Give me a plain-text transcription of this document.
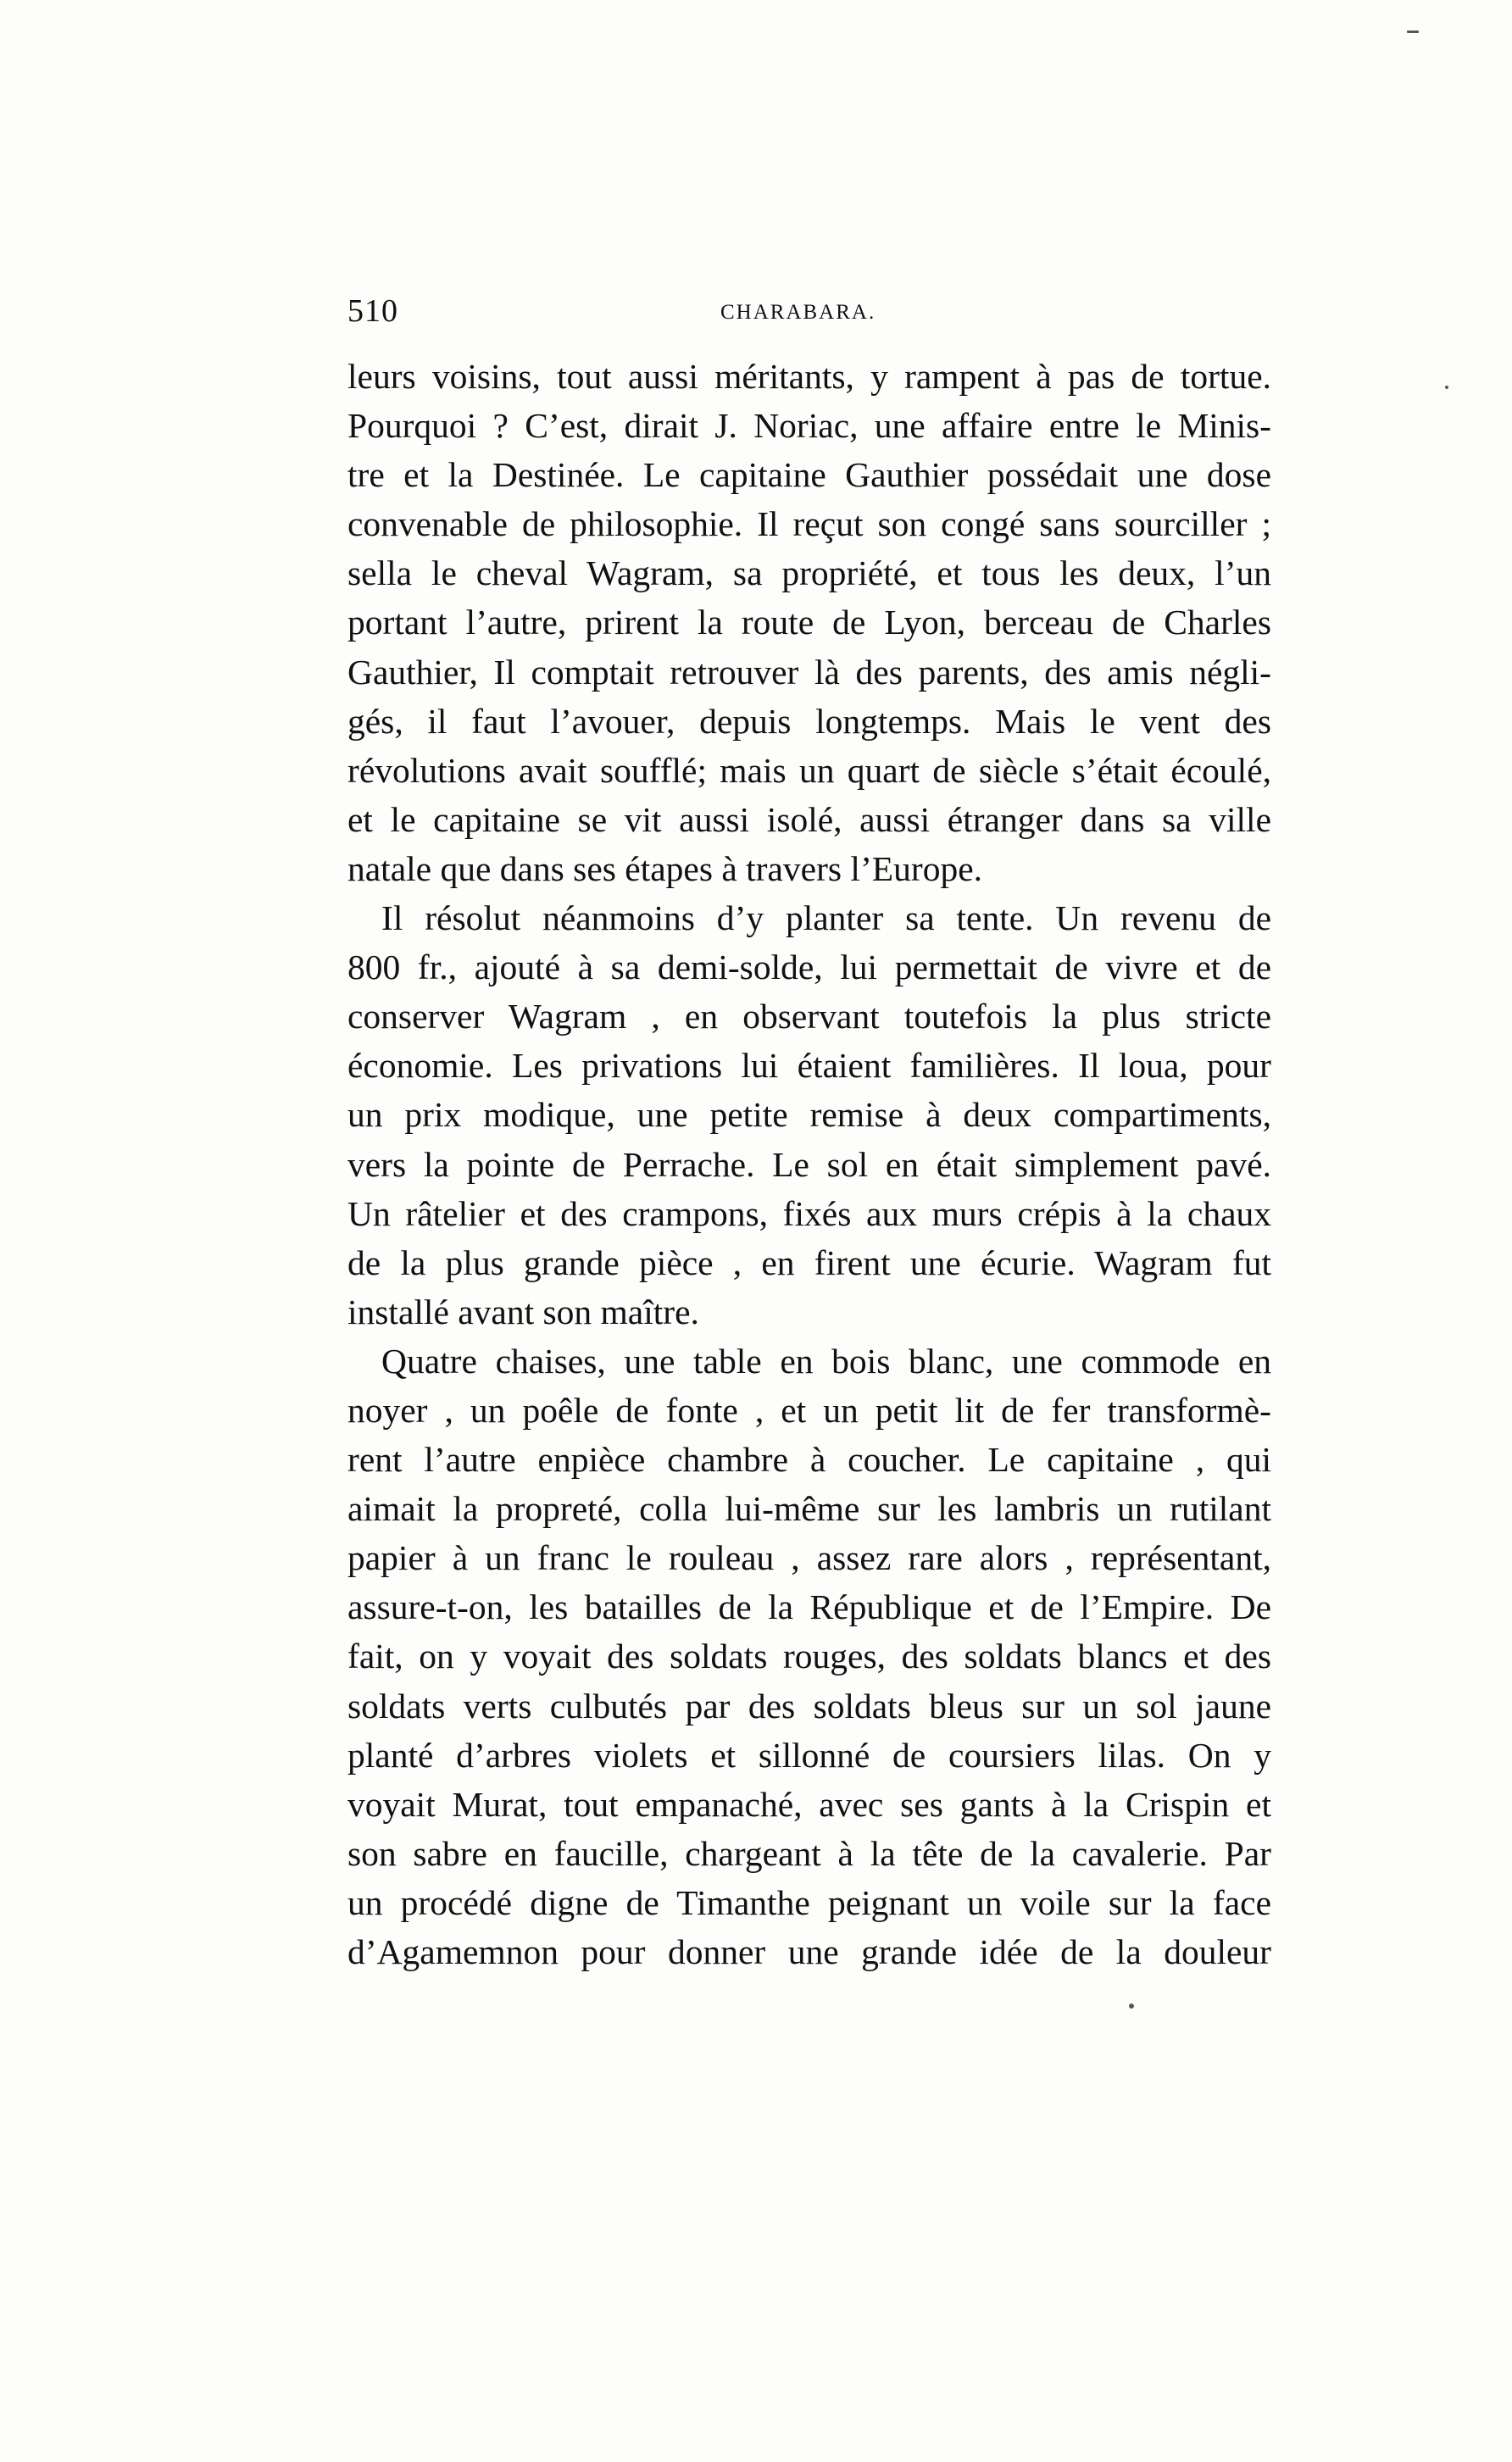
510	CHARABARA.
leurs voisins, tout aussi méritants, y rampent à pas de tortue.
Pourquoi ? C’est, dirait J. Noriac, une affaire entre le Minis-
tre et la Destinée. Le capitaine Gauthier possédait une dose
convenable de philosophie. Il reçut son congé sans sourciller ;
sella le cheval Wagram, sa propriété, et tous les deux, l’un
portant l’autre, prirent la route de Lyon, berceau de Charles
Gauthier, Il comptait retrouver là des parents, des amis négli-
gés, il faut l’avouer, depuis longtemps. Mais le vent des
révolutions avait soufflé; mais un quart de siècle s’était écoulé,
et le capitaine se vit aussi isolé, aussi étranger dans sa ville
natale que dans ses étapes à travers l’Europe.
Il résolut néanmoins d’y planter sa tente. Un revenu de
800 fr., ajouté à sa demi-solde, lui permettait de vivre et de
conserver Wagram , en observant toutefois la plus stricte
économie. Les privations lui étaient familières. Il loua, pour
un prix modique, une petite remise à deux compartiments,
vers la pointe de Perrache. Le sol en était simplement pavé.
Un râtelier et des crampons, fixés aux murs crépis à la chaux
de la plus grande pièce , en firent une écurie. Wagram fut
installé avant son maître.
Quatre chaises, une table en bois blanc, une commode en
noyer , un poêle de fonte , et un petit lit de fer transformè-
rent l’autre enpièce chambre à coucher. Le capitaine , qui
aimait la propreté, colla lui-même sur les lambris un rutilant
papier à un franc le rouleau , assez rare alors , représentant,
assure-t-on, les batailles de la République et de l’Empire. De
fait, on y voyait des soldats rouges, des soldats blancs et des
soldats verts culbutés par des soldats bleus sur un sol jaune
planté d’arbres violets et sillonné de coursiers lilas. On y
voyait Murat, tout empanaché, avec ses gants à la Crispin et
son sabre en faucille, chargeant à la tête de la cavalerie. Par
un procédé digne de Timanthe peignant un voile sur la face
d’Agamemnon pour donner une grande idée de la douleur
